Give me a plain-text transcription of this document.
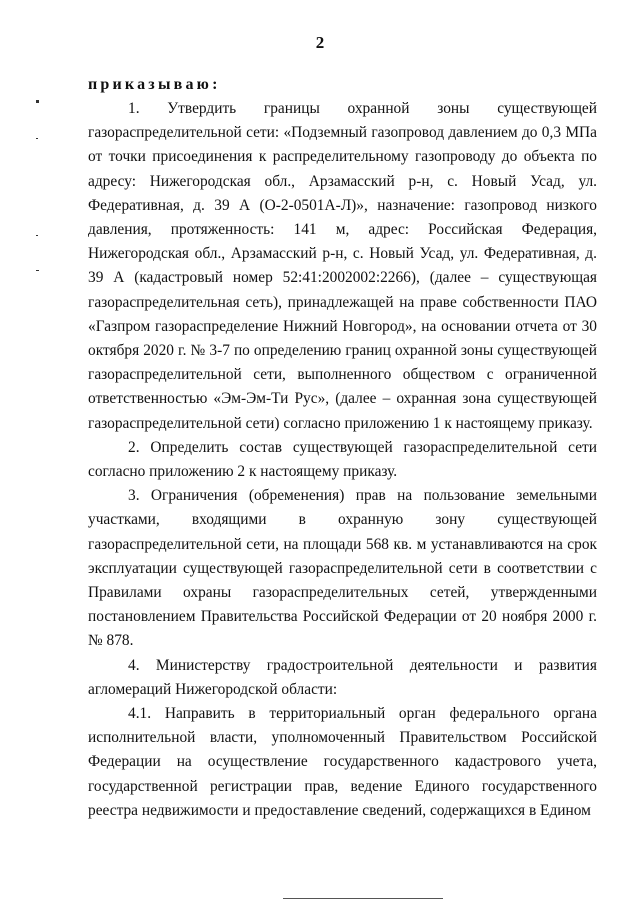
2
приказываю:

1. Утвердить границы охранной зоны существующей газораспределительной сети: «Подземный газопровод давлением до 0,3 МПа от точки присоединения к распределительному газопроводу до объекта по адресу: Нижегородская обл., Арзамасский р-н, с. Новый Усад, ул. Федеративная, д. 39 А (О-2-0501А-Л)», назначение: газопровод низкого давления, протяженность: 141 м, адрес: Российская Федерация, Нижегородская обл., Арзамасский р-н, с. Новый Усад, ул. Федеративная, д. 39 А (кадастровый номер 52:41:2002002:2266), (далее – существующая газораспределительная сеть), принадлежащей на праве собственности ПАО «Газпром газораспределение Нижний Новгород», на основании отчета от 30 октября 2020 г. № 3-7 по определению границ охранной зоны существующей газораспределительной сети, выполненного обществом с ограниченной ответственностью «Эм-Эм-Ти Рус», (далее – охранная зона существующей газораспределительной сети) согласно приложению 1 к настоящему приказу.

2. Определить состав существующей газораспределительной сети согласно приложению 2 к настоящему приказу.

3. Ограничения (обременения) прав на пользование земельными участками, входящими в охранную зону существующей газораспределительной сети, на площади 568 кв. м устанавливаются на срок эксплуатации существующей газораспределительной сети в соответствии с Правилами охраны газораспределительных сетей, утвержденными постановлением Правительства Российской Федерации от 20 ноября 2000 г. № 878.

4. Министерству градостроительной деятельности и развития агломераций Нижегородской области:

4.1. Направить в территориальный орган федерального органа исполнительной власти, уполномоченный Правительством Российской Федерации на осуществление государственного кадастрового учета, государственной регистрации прав, ведение Единого государственного реестра недвижимости и предоставление сведений, содержащихся в Едином
